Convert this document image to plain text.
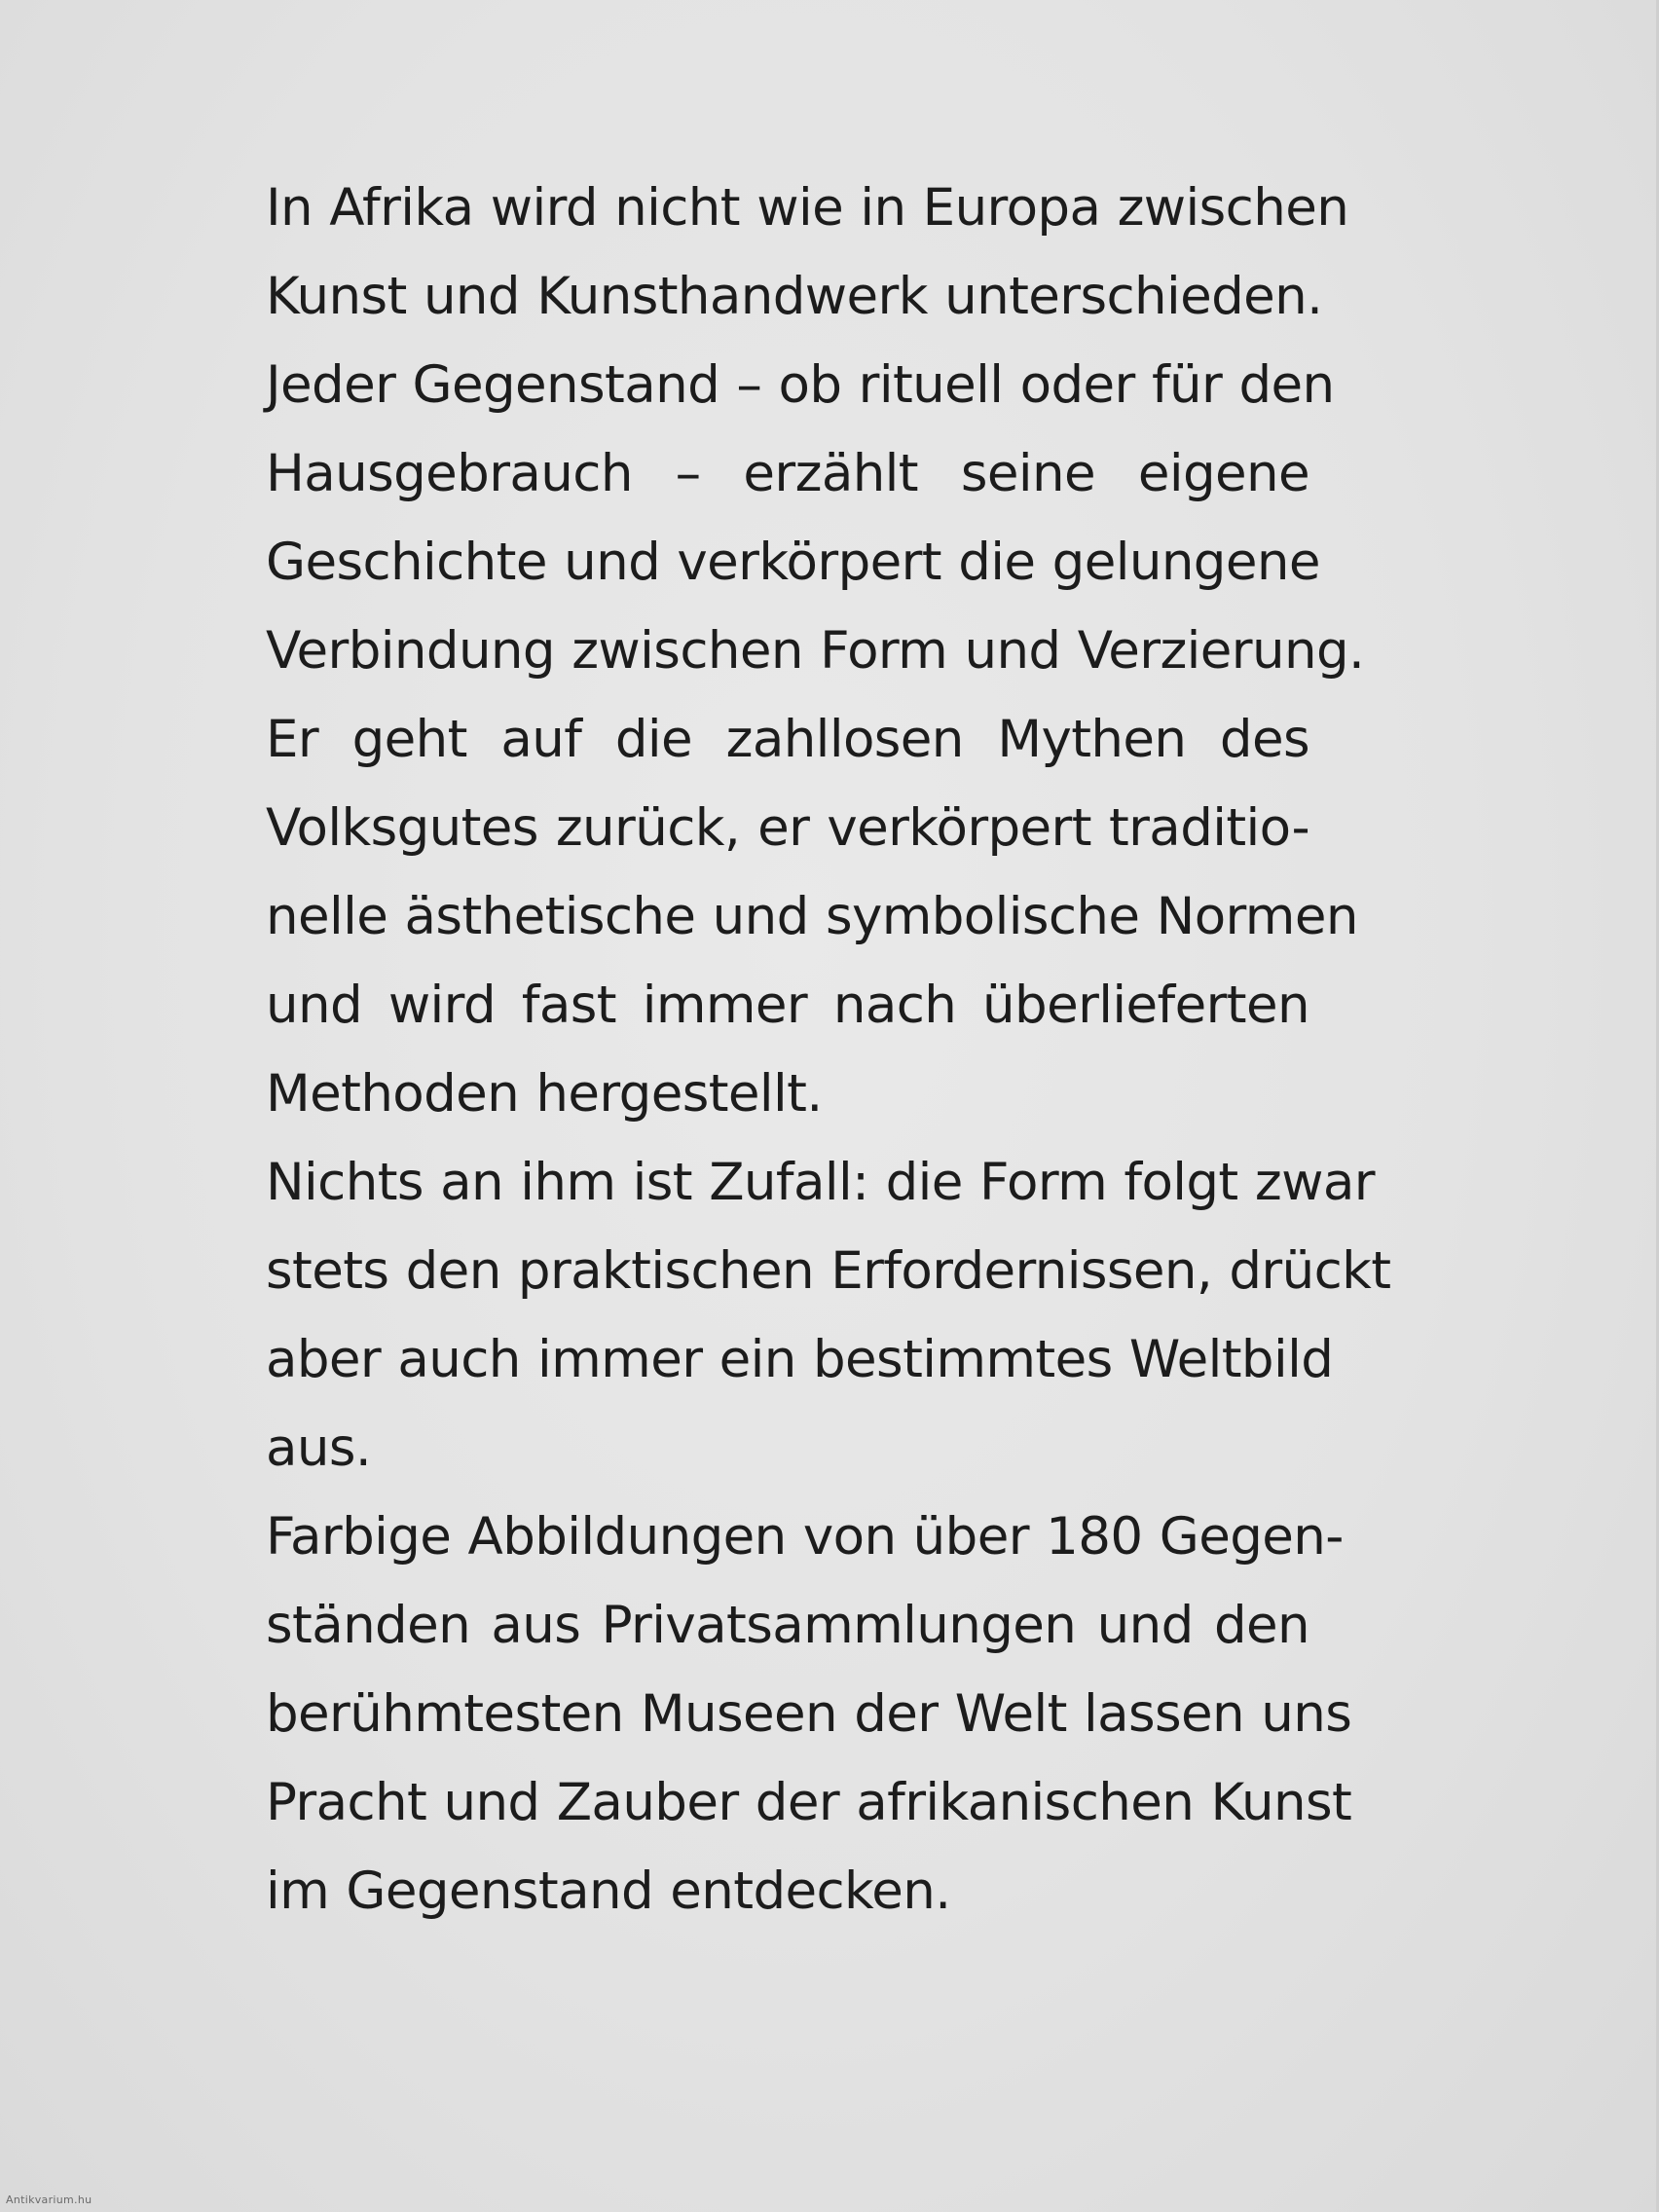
In Afrika wird nicht wie in Europa zwischen
Kunst und Kunsthandwerk unterschieden.
Jeder Gegenstand – ob rituell oder für den
Hausgebrauch – erzählt seine eigene
Geschichte und verkörpert die gelungene
Verbindung zwischen Form und Verzierung.
Er geht auf die zahllosen Mythen des
Volksgutes zurück, er verkörpert traditio-
nelle ästhetische und symbolische Normen
und wird fast immer nach überlieferten
Methoden hergestellt.
Nichts an ihm ist Zufall: die Form folgt zwar
stets den praktischen Erfordernissen, drückt
aber auch immer ein bestimmtes Weltbild
aus.
Farbige Abbildungen von über 180 Gegen-
ständen aus Privatsammlungen und den
berühmtesten Museen der Welt lassen uns
Pracht und Zauber der afrikanischen Kunst
im Gegenstand entdecken.
Antikvarium.hu
